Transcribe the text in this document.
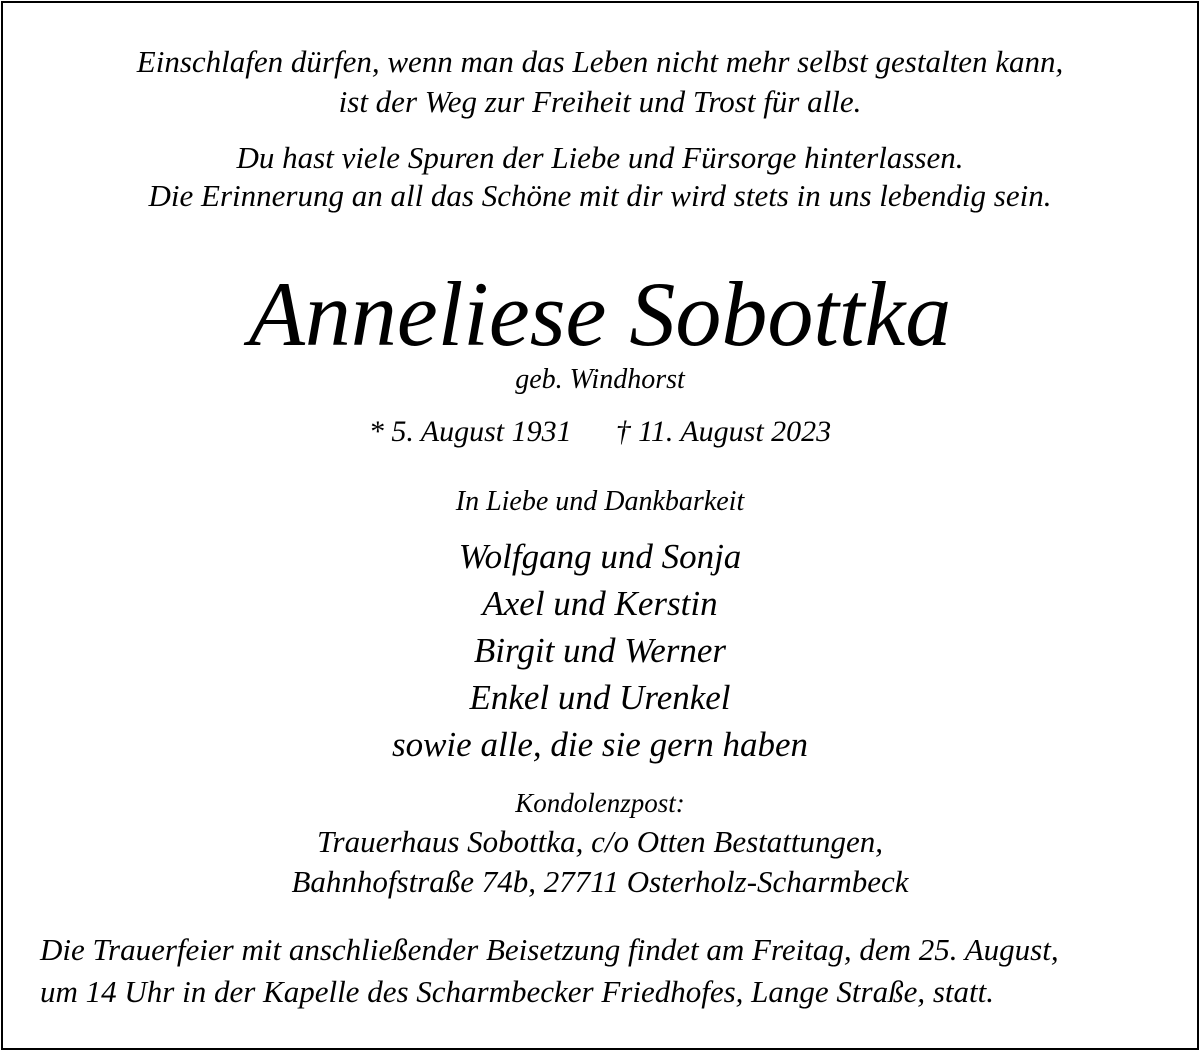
Einschlafen dürfen, wenn man das Leben nicht mehr selbst gestalten kann,
ist der Weg zur Freiheit und Trost für alle.
Du hast viele Spuren der Liebe und Fürsorge hinterlassen.
Die Erinnerung an all das Schöne mit dir wird stets in uns lebendig sein.
Anneliese Sobottka
geb. Windhorst
* 5. August 1931 † 11. August 2023
In Liebe und Dankbarkeit
Wolfgang und Sonja
Axel und Kerstin
Birgit und Werner
Enkel und Urenkel
sowie alle, die sie gern haben
Kondolenzpost:
Trauerhaus Sobottka, c/o Otten Bestattungen,
Bahnhofstraße 74b, 27711 Osterholz-Scharmbeck
Die Trauerfeier mit anschließender Beisetzung findet am Freitag, dem 25. August,
um 14 Uhr in der Kapelle des Scharmbecker Friedhofes, Lange Straße, statt.
